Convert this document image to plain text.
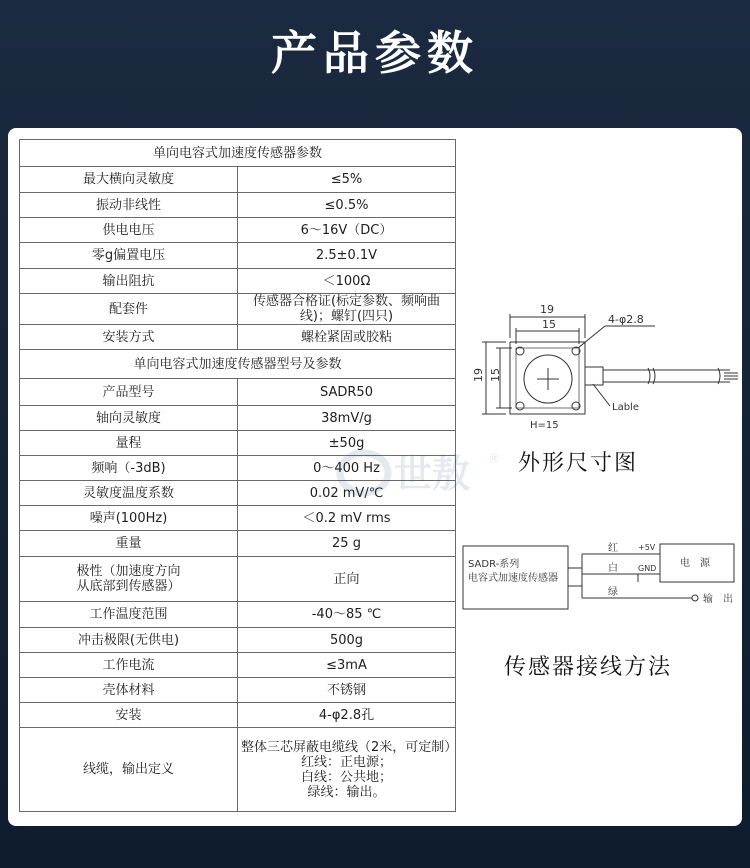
产品参数
单向电容式加速度传感器参数	
最大横向灵敏度	≤5%
振动非线性	≤0.5%
供电电压	6～16V（DC）
零g偏置电压	2.5±0.1V
输出阻抗	＜100Ω
配套件	传感器合格证(标定参数、频响曲线)；螺钉(四只)
安装方式	螺栓紧固或胶粘
单向电容式加速度传感器型号及参数	
产品型号	SADR50
轴向灵敏度	38mV/g
量程	±50g
频响（-3dB)	0～400 Hz
灵敏度温度系数	0.02 mV/℃
噪声(100Hz)	＜0.2 mV rms
重量	25 g
极性（加速度方向
从底部到传感器）	正向
工作温度范围	-40～85 ℃
冲击极限(无供电)	500g
工作电流	≤3mA
壳体材料	不锈钢
安装	4-φ2.8孔
线缆，输出定义	整体三芯屏蔽电缆线（2米，可定制）
红线：正电源；
白线：公共地；
绿线：输出。
世敖 ®
19
15
19 15
4-φ2.8
Lable
H=15
外形尺寸图
SADR-系列
电容式加速度传感器
红
白
绿
+5V
GND 电　源
输　出
传感器接线方法
